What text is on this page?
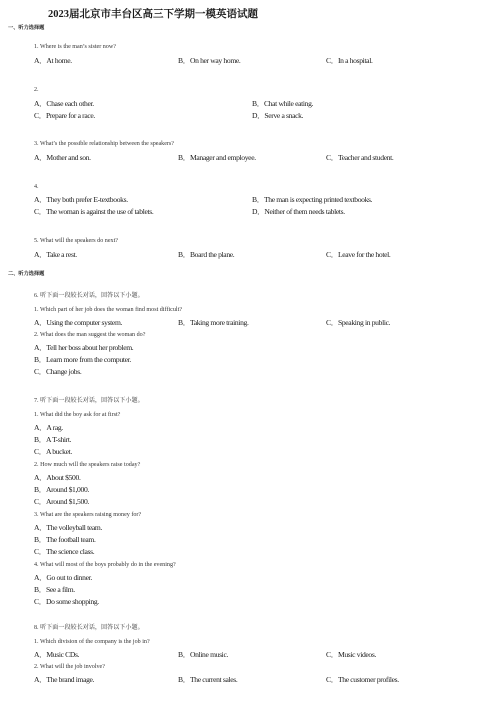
2023届北京市丰台区高三下学期一模英语试题
一、听力选择题
1. Where is the man’s sister now?
A．At home.	B．On her way home.	C．In a hospital.
2.
A．Chase each other.	B．Chat while eating.
C．Prepare for a race.	D．Serve a snack.
3. What’s the possible relationship between the speakers?
A．Mother and son.	B．Manager and employee.	C．Teacher and student.
4.
A．They both prefer E-textbooks.	B．The man is expecting printed textbooks.
C．The woman is against the use of tablets.	D．Neither of them needs tablets.
5. What will the speakers do next?
A．Take a rest.	B．Board the plane.	C．Leave for the hotel.
二、听力选择题
6. 听下面一段较长对话，回答以下小题。
1. Which part of her job does the woman find most difficult?
A．Using the computer system.	B．Taking more training.	C．Speaking in public.
2. What does the man suggest the woman do?
A．Tell her boss about her problem.
B．Learn more from the computer.
C．Change jobs.
7. 听下面一段较长对话，回答以下小题。
1. What did the boy ask for at first?
A．A rag.
B．A T-shirt.
C．A bucket.
2. How much will the speakers raise today?
A．About $500.
B．Around $1,000.
C．Around $1,500.
3. What are the speakers raising money for?
A．The volleyball team.
B．The football team.
C．The science class.
4. What will most of the boys probably do in the evening?
A．Go out to dinner.
B．See a film.
C．Do some shopping.
8. 听下面一段较长对话，回答以下小题。
1. Which division of the company is the job in?
A．Music CDs.	B．Online music.	C．Music videos.
2. What will the job involve?
A．The brand image.	B．The current sales.	C．The customer profiles.
